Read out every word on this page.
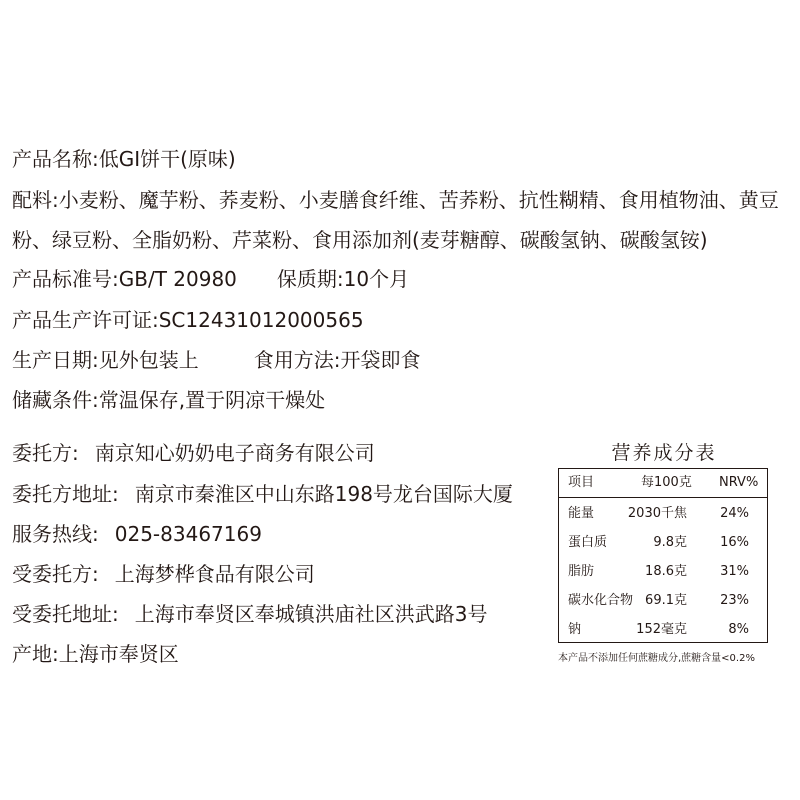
产品名称:低GI饼干(原味)
配料:小麦粉、魔芋粉、荞麦粉、小麦膳食纤维、苦荞粉、抗性糊精、食用植物油、黄豆
粉、绿豆粉、全脂奶粉、芹菜粉、食用添加剂(麦芽糖醇、碳酸氢钠、碳酸氢铵)
产品标准号:GB/T 20980 保质期:10个月
产品生产许可证:SC12431012000565
生产日期:见外包装上	食用方法:开袋即食
储藏条件:常温保存,置于阴凉干燥处
委托方: 南京知心奶奶电子商务有限公司
委托方地址: 南京市秦淮区中山东路198号龙台国际大厦
服务热线: 025-83467169
受委托方: 上海梦桦食品有限公司
受委托地址: 上海市奉贤区奉城镇洪庙社区洪武路3号
产地:上海市奉贤区
营养成分表
项目	每100克 NRV%
能量	2030千焦	24%
蛋白质	9.8克	16%
脂肪	18.6克	31%
碳水化合物 69.1克	23%
钠	152毫克	8%
本产品不添加任何蔗糖成分,蔗糖含量<0.2%
